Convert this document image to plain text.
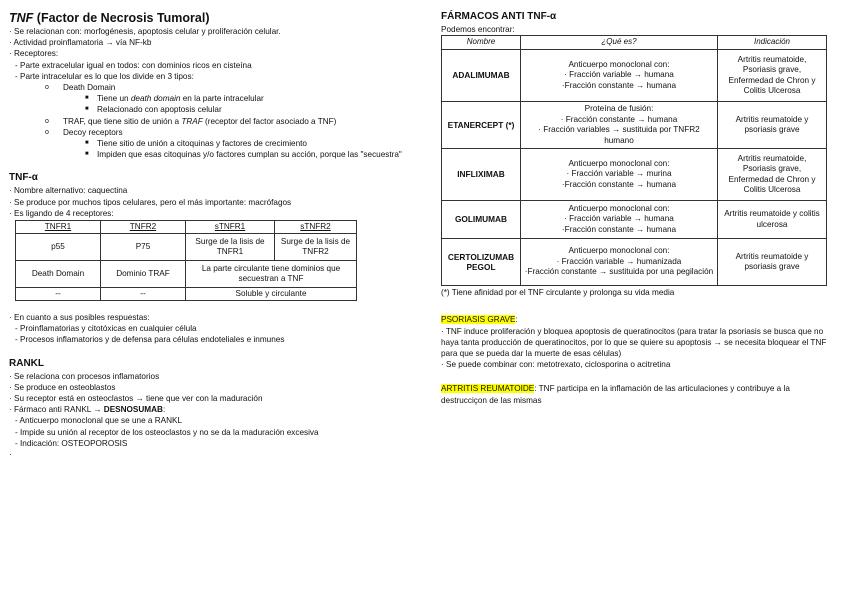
TNF (Factor de Necrosis Tumoral)
· Se relacionan con: morfogénesis, apoptosis celular y proliferación celular.
· Actividad proinflamatoria → vía NF-kb
· Receptores:
- Parte extracelular igual en todos: con dominios ricos en cisteína
- Parte intracelular es lo que los divide en 3 tipos:
o Death Domain
■ Tiene un death domain en la parte intracelular
■ Relacionado con apoptosis celular
o TRAF, que tiene sitio de unión a TRAF (receptor del factor asociado a TNF)
o Decoy receptors
■ Tiene sitio de unión a citoquinas y factores de crecimiento
■ Impiden que esas citoquinas y/o factores cumplan su acción, porque las "secuestra"
TNF-α
· Nombre alternativo: caquectina
· Se produce por muchos tipos celulares, pero el más importante: macrófagos
· Es ligando de 4 receptores:
TNFR1	TNFR2	sTNFR1	sTNFR2
p55	P75	Surge de la lisis de TNFR1	Surge de la lisis de TNFR2
Death Domain	Dominio TRAF	La parte circulante tiene dominios que secuestran a TNF	
--	--	Soluble y circulante	
· En cuanto a sus posibles respuestas:
- Proinflamatorias y citotóxicas en cualquier célula
- Procesos inflamatorios y de defensa para células endoteliales e inmunes
RANKL
· Se relaciona con procesos inflamatorios
· Se produce en osteoblastos
· Su receptor está en osteoclastos → tiene que ver con la maduración
· Fármaco anti RANKL → DESNOSUMAB:
- Anticuerpo monoclonal que se une a RANKL
- Impide su unión al receptor de los osteoclastos y no se da la maduración excesiva
- Indicación: OSTEOPOROSIS
·
FÁRMACOS ANTI TNF-α
Podemos encontrar:
Nombre	¿Qué es?	Indicación
ADALIMUMAB	Anticuerpo monoclonal con:
· Fracción variable → humana
·Fracción constante → humana	Artritis reumatoide, Psoriasis grave, Enfermedad de Chron y Colitis Ulcerosa
ETANERCEPT (*)	Proteína de fusión:
· Fracción constante → humana
· Fracción variables → sustituida por TNFR2 humano	Artritis reumatoide y psoriasis grave
INFLIXIMAB	Anticuerpo monoclonal con:
· Fracción variable → murina
·Fracción constante → humana	Artritis reumatoide, Psoriasis grave, Enfermedad de Chron y Colitis Ulcerosa
GOLIMUMAB	Anticuerpo monoclonal con:
· Fracción variable → humana
·Fracción constante → humana	Artritis reumatoide y colitis ulcerosa
CERTOLIZUMAB PEGOL	Anticuerpo monoclonal con:
· Fracción variable → humanizada
·Fracción constante → sustituida por una pegilación	Artritis reumatoide y psoriasis grave
(*) Tiene afinidad por el TNF circulante y prolonga su vida media
PSORIASIS GRAVE:
· TNF induce proliferación y bloquea apoptosis de queratinocitos (para tratar la psoriasis se busca que no haya tanta producción de queratinocitos, por lo que se quiere su apoptosis → se necesita bloquear el TNF para que se pueda dar la muerte de esas células)
· Se puede combinar con: metotrexato, ciclosporina o acitretina
ARTRITIS REUMATOIDE: TNF participa en la inflamación de las articulaciones y contribuye a la destrucciçon de las mismas
